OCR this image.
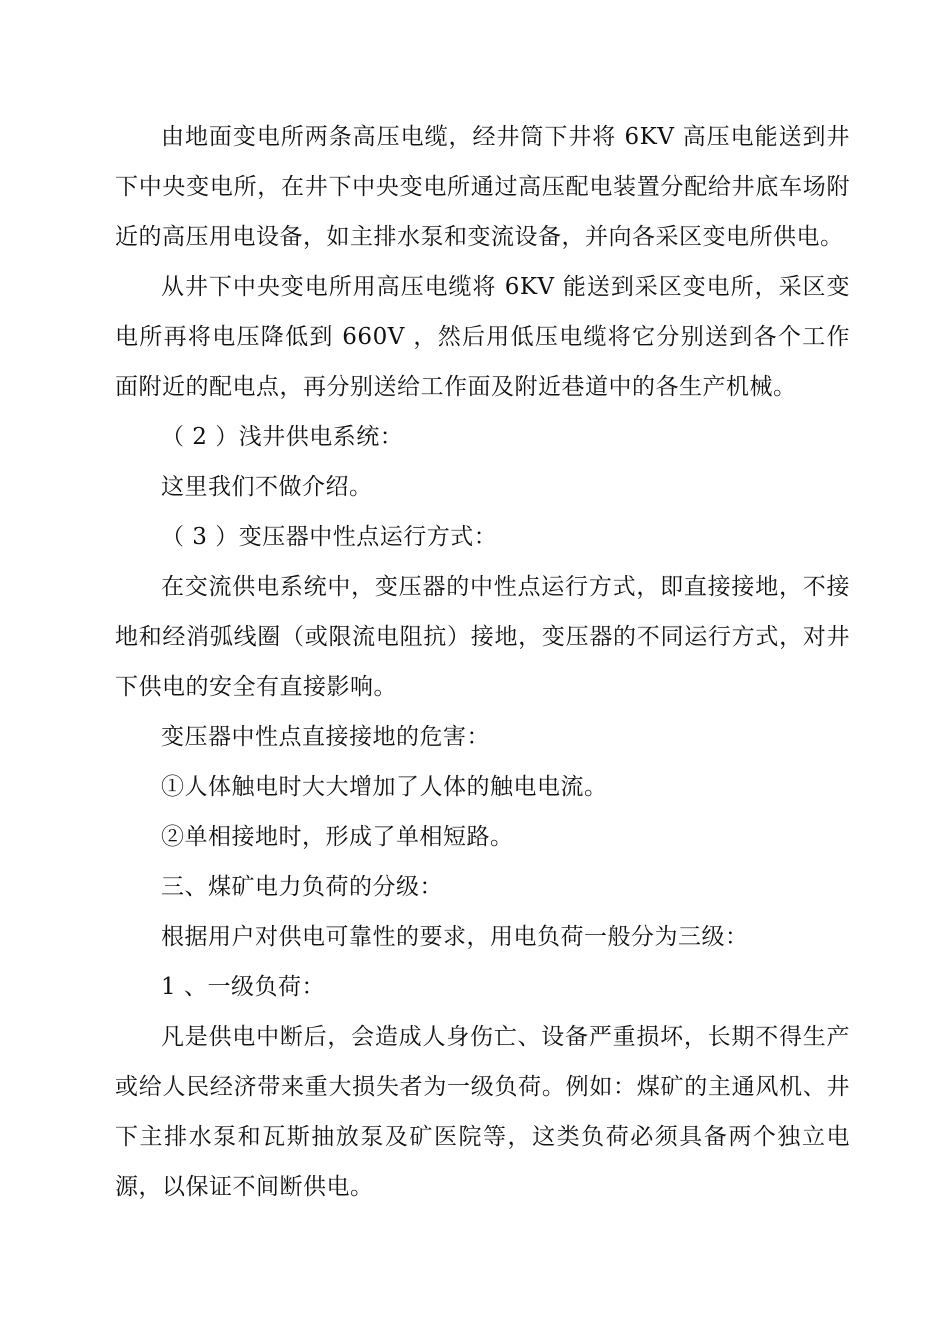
由地面变电所两条高压电缆，经井筒下井将 6KV 高压电能送到井下中央变电所，在井下中央变电所通过高压配电装置分配给井底车场附近的高压用电设备，如主排水泵和变流设备，并向各采区变电所供电。

从井下中央变电所用高压电缆将 6KV 能送到采区变电所，采区变电所再将电压降低到 660V ，然后用低压电缆将它分别送到各个工作面附近的配电点，再分别送给工作面及附近巷道中的各生产机械。

（ 2 ）浅井供电系统：

这里我们不做介绍。

（ 3 ）变压器中性点运行方式：

在交流供电系统中，变压器的中性点运行方式，即直接接地，不接地和经消弧线圈（或限流电阻抗）接地，变压器的不同运行方式，对井下供电的安全有直接影响。

变压器中性点直接接地的危害：

①人体触电时大大增加了人体的触电电流。

②单相接地时，形成了单相短路。

三、煤矿电力负荷的分级：

根据用户对供电可靠性的要求，用电负荷一般分为三级：

1 、一级负荷：

凡是供电中断后，会造成人身伤亡、设备严重损坏，长期不得生产或给人民经济带来重大损失者为一级负荷。例如：煤矿的主通风机、井下主排水泵和瓦斯抽放泵及矿医院等，这类负荷必须具备两个独立电源，以保证不间断供电。
